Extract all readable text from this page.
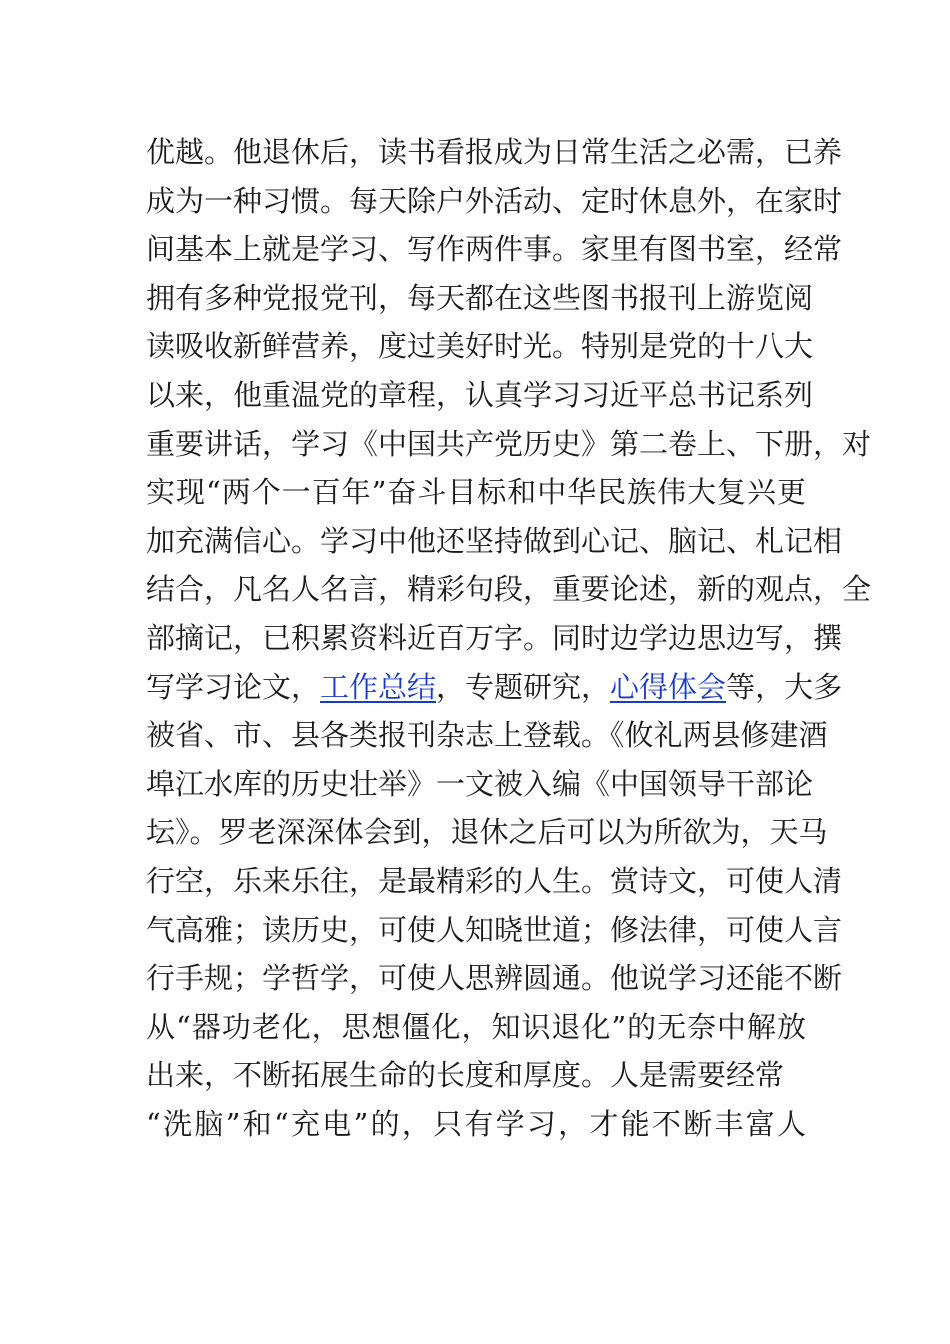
优越。他退休后，读书看报成为日常生活之必需，已养
成为一种习惯。每天除户外活动、定时休息外，在家时
间基本上就是学习、写作两件事。家里有图书室，经常
拥有多种党报党刊，每天都在这些图书报刊上游览阅
读吸收新鲜营养，度过美好时光。特别是党的十八大
以来，他重温党的章程，认真学习习近平总书记系列
重要讲话，学习《中国共产党历史》第二卷上、下册，对
实现“两个一百年”奋斗目标和中华民族伟大复兴更
加充满信心。学习中他还坚持做到心记、脑记、札记相
结合，凡名人名言，精彩句段，重要论述，新的观点，全
部摘记，已积累资料近百万字。同时边学边思边写，撰
写学习论文，工作总结，专题研究，心得体会等，大多
被省、市、县各类报刊杂志上登载。《攸礼两县修建酒
埠江水库的历史壮举》一文被入编《中国领导干部论
坛》。罗老深深体会到，退休之后可以为所欲为，天马
行空，乐来乐往，是最精彩的人生。赏诗文，可使人清
气高雅；读历史，可使人知晓世道；修法律，可使人言
行手规；学哲学，可使人思辨圆通。他说学习还能不断
从“器功老化，思想僵化，知识退化”的无奈中解放
出来，不断拓展生命的长度和厚度。人是需要经常
“洗脑”和“充电”的，只有学习，才能不断丰富人
